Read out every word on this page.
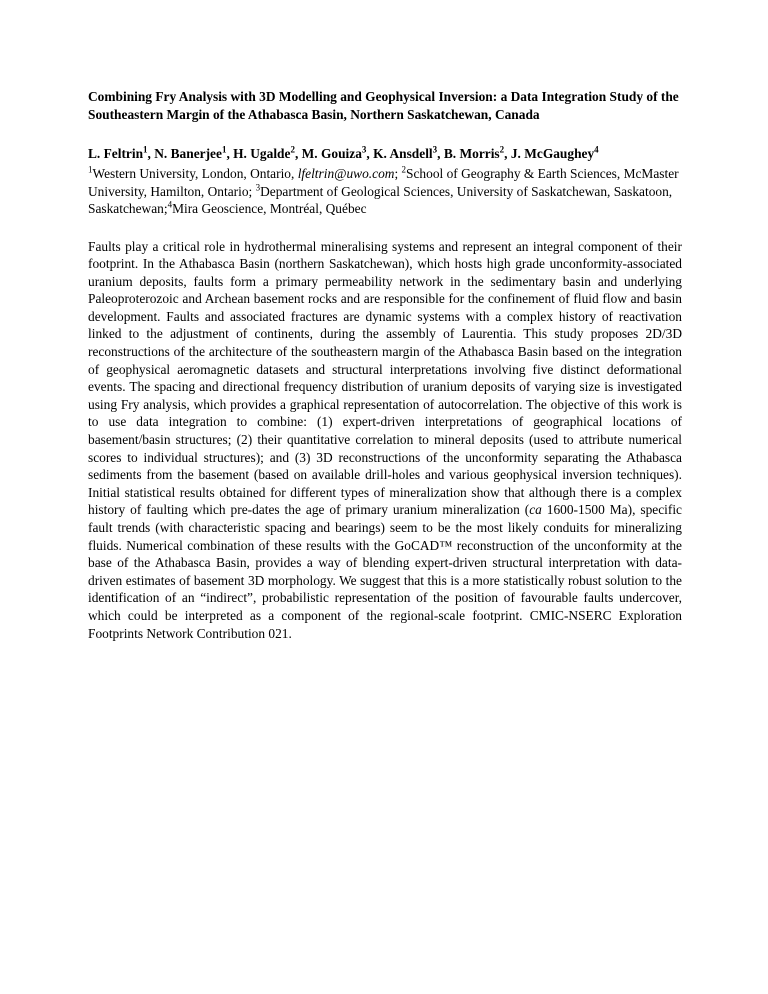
Combining Fry Analysis with 3D Modelling and Geophysical Inversion: a Data Integration Study of the Southeastern Margin of the Athabasca Basin, Northern Saskatchewan, Canada

L. Feltrin$^1$, N. Banerjee$^1$, H. Ugalde$^2$, M. Gouiza$^3$, K. Ansdell$^3$, B. Morris$^2$, J. McGaughey$^4$

$^1$Western University, London, Ontario, lfeltrin@uwo.com; $^2$School of Geography & Earth Sciences, McMaster University, Hamilton, Ontario; $^3$Department of Geological Sciences, University of Saskatchewan, Saskatoon, Saskatchewan;$^4$Mira Geoscience, Montréal, Québec

Faults play a critical role in hydrothermal mineralising systems and represent an integral component of their footprint. In the Athabasca Basin (northern Saskatchewan), which hosts high grade unconformity-associated uranium deposits, faults form a primary permeability network in the sedimentary basin and underlying Paleoproterozoic and Archean basement rocks and are responsible for the confinement of fluid flow and basin development. Faults and associated fractures are dynamic systems with a complex history of reactivation linked to the adjustment of continents, during the assembly of Laurentia. This study proposes 2D/3D reconstructions of the architecture of the southeastern margin of the Athabasca Basin based on the integration of geophysical aeromagnetic datasets and structural interpretations involving five distinct deformational events. The spacing and directional frequency distribution of uranium deposits of varying size is investigated using Fry analysis, which provides a graphical representation of autocorrelation. The objective of this work is to use data integration to combine: (1) expert-driven interpretations of geographical locations of basement/basin structures; (2) their quantitative correlation to mineral deposits (used to attribute numerical scores to individual structures); and (3) 3D reconstructions of the unconformity separating the Athabasca sediments from the basement (based on available drill-holes and various geophysical inversion techniques). Initial statistical results obtained for different types of mineralization show that although there is a complex history of faulting which pre-dates the age of primary uranium mineralization (ca 1600-1500 Ma), specific fault trends (with characteristic spacing and bearings) seem to be the most likely conduits for mineralizing fluids. Numerical combination of these results with the GoCAD™ reconstruction of the unconformity at the base of the Athabasca Basin, provides a way of blending expert-driven structural interpretation with data-driven estimates of basement 3D morphology. We suggest that this is a more statistically robust solution to the identification of an “indirect”, probabilistic representation of the position of favourable faults undercover, which could be interpreted as a component of the regional-scale footprint. CMIC-NSERC Exploration Footprints Network Contribution 021.
